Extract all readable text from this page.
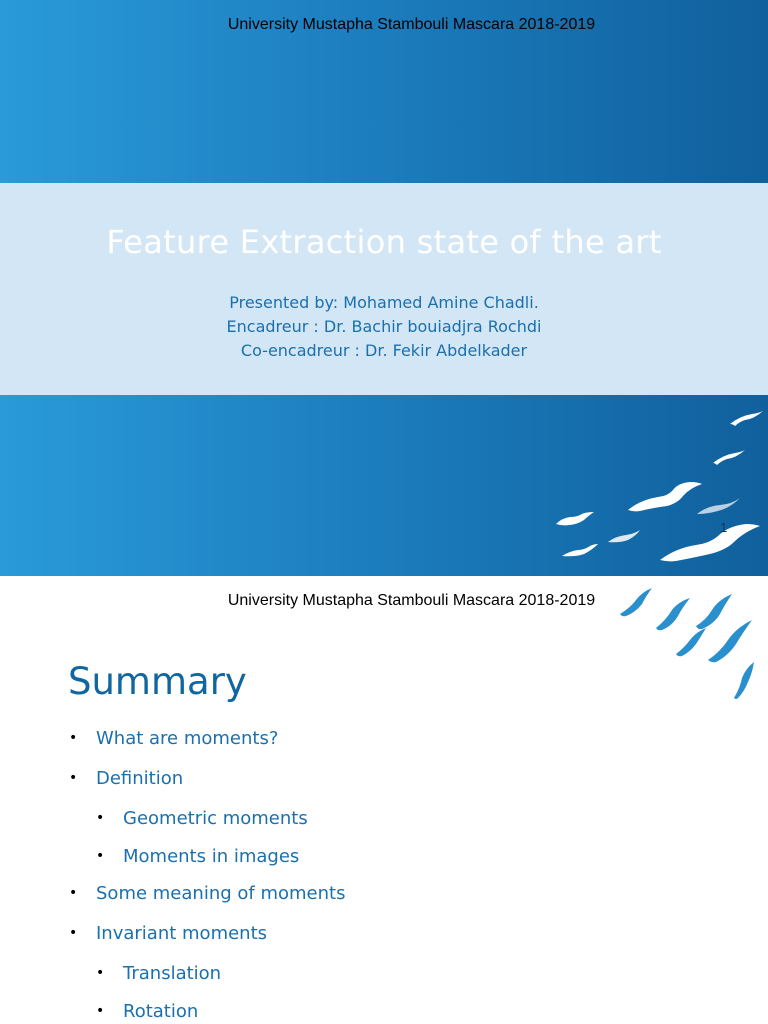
University Mustapha Stambouli Mascara 2018-2019
Feature Extraction state of the art
Presented by: Mohamed Amine Chadli.
Encadreur : Dr. Bachir bouiadjra Rochdi
Co-encadreur : Dr. Fekir Abdelkader
1
University Mustapha Stambouli Mascara 2018-2019
Summary
• What are moments?
• Definition
• Geometric moments
• Moments in images
• Some meaning of moments
• Invariant moments
• Translation
• Rotation
